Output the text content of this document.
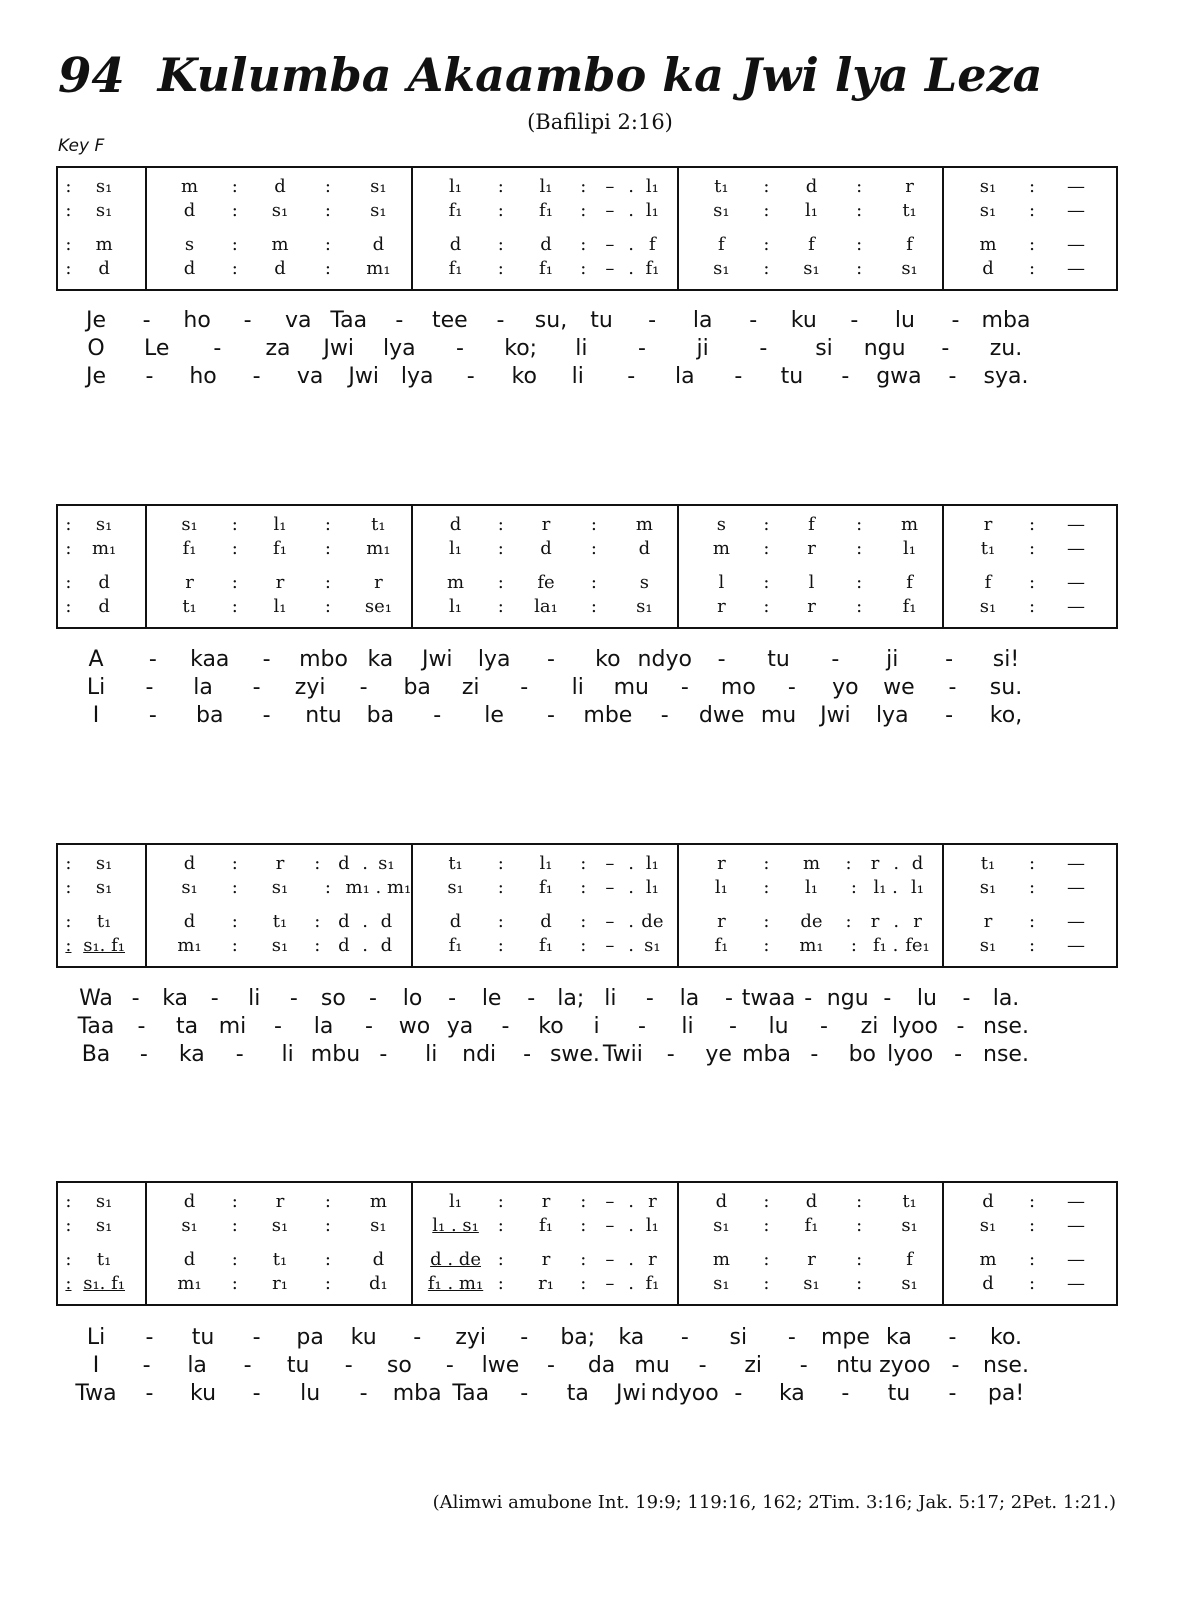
94 Kulumba Akaambo ka Jwi lya Leza
(Bafilipi 2:16)
Key F
: s₁
: s₁
: m
: d
m : d : s₁
d : s₁ : s₁
s : m : d
d : d : m₁
l₁ : l₁ : – . l₁
f₁ : f₁ : – . l₁
d : d : – . f
f₁ : f₁ : – . f₁
t₁ : d : r
s₁ : l₁ : t₁
f : f : f
s₁ : s₁ : s₁
s₁ : —
s₁ : —
m : —
d : —
: s₁
: m₁
: d
: d
s₁ : l₁ : t₁
f₁ : f₁ : m₁
r : r : r
t₁ : l₁ : se₁
d : r : m
l₁ : d : d
m : fe : s
l₁ : la₁ : s₁
s : f : m
m : r : l₁
l : l : f
r : r : f₁
r : —
t₁ : —
f : —
s₁ : —
: s₁
: s₁
: t₁
: s₁. f₁
d : r : d . s₁
s₁ : s₁ : m₁ . m₁
d : t₁ : d . d
m₁ : s₁ : d . d
t₁ : l₁ : – . l₁
s₁ : f₁ : – . l₁
d : d : – . de
f₁ : f₁ : – . s₁
r : m : r . d
l₁ : l₁ : l₁ . l₁
r : de : r . r
f₁ : m₁ : f₁ . fe₁
t₁ : —
s₁ : —
r : —
s₁ : —
: s₁
: s₁
: t₁
: s₁. f₁
d : r : m
s₁ : s₁ : s₁
d : t₁ : d
m₁ : r₁ : d₁
l₁ : r : – . r
l₁ . s₁ : f₁ : – . l₁
d . de : r : – . r
f₁ . m₁ : r₁ : – . f₁
d : d : t₁
s₁ : f₁ : s₁
m : r : f
s₁ : s₁ : s₁
d : —
s₁ : —
m : —
d : —
(Alimwi amubone Int. 19:9; 119:16, 162; 2Tim. 3:16; Jak. 5:17; 2Pet. 1:21.)
Je - ho - va Taa - tee - su, tu - la - ku - lu - mba
O Le - za Jwi lya - ko; li - ji - si ngu - zu.
Je - ho - va Jwi lya - ko li - la - tu - gwa - sya.
A - kaa - mbo ka Jwi lya - ko ndyo - tu - ji - si!
Li - la - zyi - ba zi - li mu - mo - yo we - su.
I - ba - ntu ba - le - mbe - dwe mu Jwi lya - ko,
Wa - ka - li - so - lo - le - la; li - la - twaa - ngu - lu - la.
Taa - ta mi - la - wo ya - ko i - li - lu - zi lyoo - nse.
Ba - ka - li mbu - li ndi - swe. Twii - ye mba - bo lyoo - nse.
Li - tu - pa ku - zyi - ba; ka - si - mpe ka - ko.
I - la - tu - so - lwe - da mu - zi - ntu zyoo - nse.
Twa - ku - lu - mba Taa - ta Jwi ndyoo - ka - tu - pa!
